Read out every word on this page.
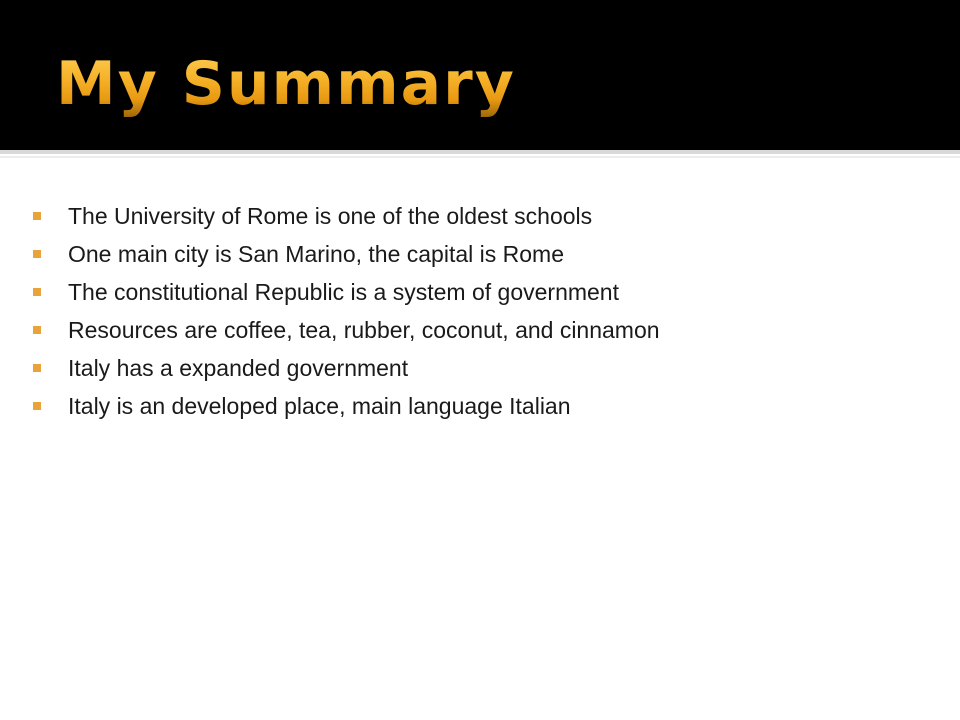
My Summary
The University of Rome is one of the oldest schools
One main city is San Marino, the capital is Rome
The constitutional Republic is a system of government
Resources are coffee, tea, rubber, coconut, and cinnamon
Italy has a expanded government
Italy is an developed place, main language Italian
